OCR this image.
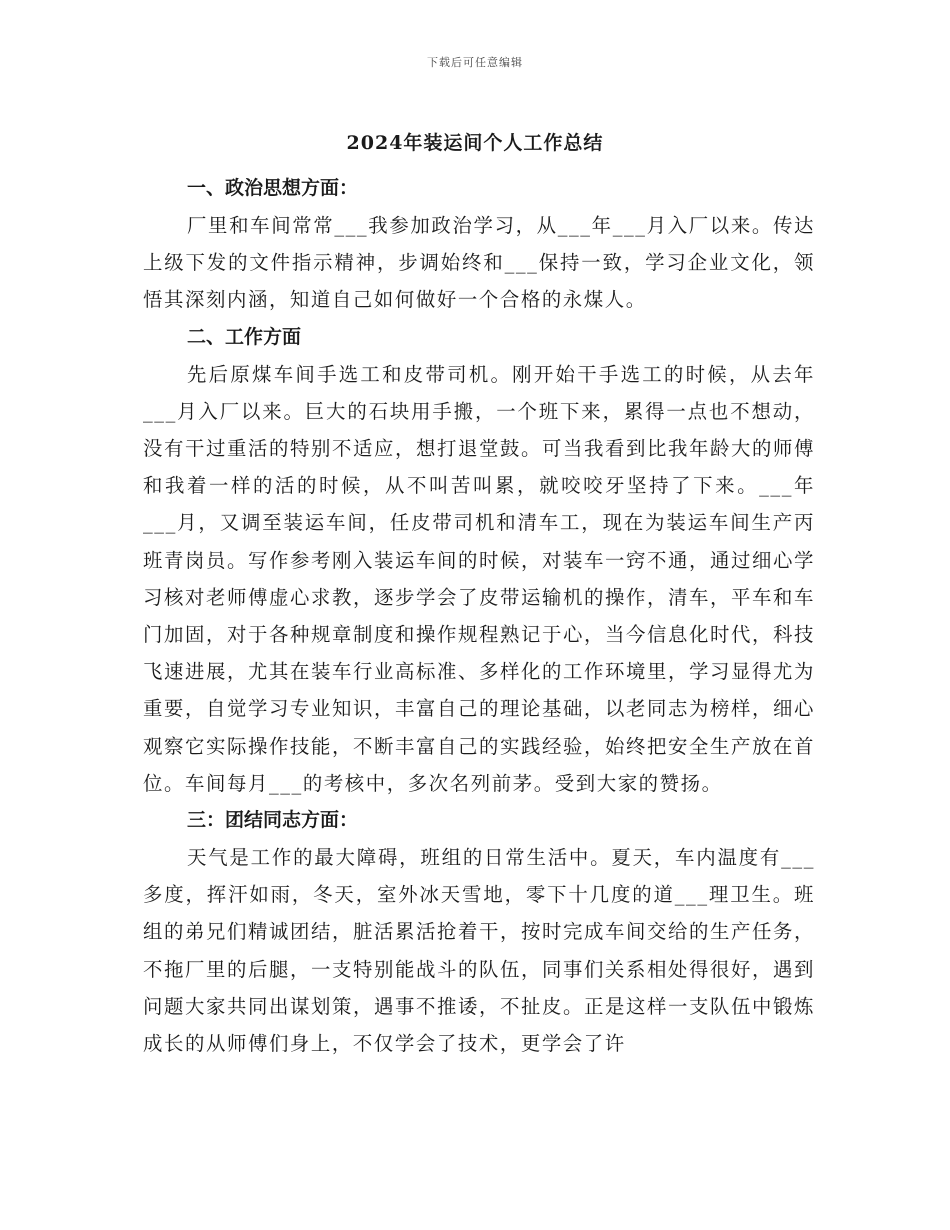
下载后可任意编辑
2024年装运间个人工作总结
一、政治思想方面：

厂里和车间常常___我参加政治学习，从___年___月入厂以来。传达上级下发的文件指示精神，步调始终和___保持一致，学习企业文化，领悟其深刻内涵，知道自己如何做好一个合格的永煤人。

二、工作方面

先后原煤车间手选工和皮带司机。刚开始干手选工的时候，从去年___月入厂以来。巨大的石块用手搬，一个班下来，累得一点也不想动，没有干过重活的特别不适应，想打退堂鼓。可当我看到比我年龄大的师傅和我着一样的活的时候，从不叫苦叫累，就咬咬牙坚持了下来。___年___月，又调至装运车间，任皮带司机和清车工，现在为装运车间生产丙班青岗员。写作参考刚入装运车间的时候，对装车一窍不通，通过细心学习核对老师傅虚心求教，逐步学会了皮带运输机的操作，清车，平车和车门加固，对于各种规章制度和操作规程熟记于心，当今信息化时代，科技飞速进展，尤其在装车行业高标准、多样化的工作环境里，学习显得尤为重要，自觉学习专业知识，丰富自己的理论基础，以老同志为榜样，细心观察它实际操作技能，不断丰富自己的实践经验，始终把安全生产放在首位。车间每月___的考核中，多次名列前茅。受到大家的赞扬。

三：团结同志方面：

天气是工作的最大障碍，班组的日常生活中。夏天，车内温度有___多度，挥汗如雨，冬天，室外冰天雪地，零下十几度的道___理卫生。班组的弟兄们精诚团结，脏活累活抢着干，按时完成车间交给的生产任务，不拖厂里的后腿，一支特别能战斗的队伍，同事们关系相处得很好，遇到问题大家共同出谋划策，遇事不推诿，不扯皮。正是这样一支队伍中锻炼成长的从师傅们身上，不仅学会了技术，更学会了许
